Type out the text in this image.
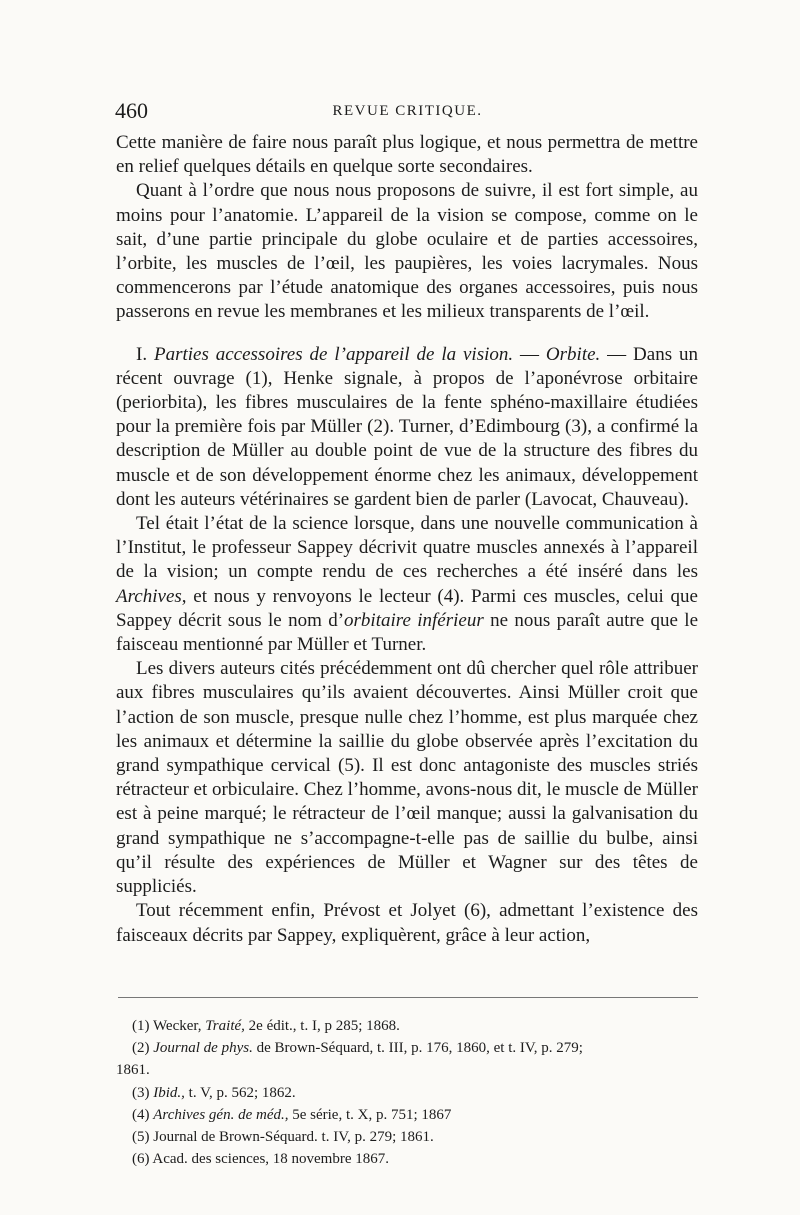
460	REVUE CRITIQUE.

Cette manière de faire nous paraît plus logique, et nous permettra de mettre en relief quelques détails en quelque sorte secondaires.

Quant à l’ordre que nous nous proposons de suivre, il est fort simple, au moins pour l’anatomie. L’appareil de la vision se compose, comme on le sait, d’une partie principale du globe oculaire et de parties accessoires, l’orbite, les muscles de l’œil, les paupières, les voies lacrymales. Nous commencerons par l’étude anatomique des organes accessoires, puis nous passerons en revue les membranes et les milieux transparents de l’œil.

I. Parties accessoires de l’appareil de la vision. — Orbite. — Dans un récent ouvrage (1), Henke signale, à propos de l’aponévrose orbitaire (periorbita), les fibres musculaires de la fente sphéno-maxillaire étudiées pour la première fois par Müller (2). Turner, d’Edimbourg (3), a confirmé la description de Müller au double point de vue de la structure des fibres du muscle et de son développement énorme chez les animaux, développement dont les auteurs vétérinaires se gardent bien de parler (Lavocat, Chauveau).

Tel était l’état de la science lorsque, dans une nouvelle communication à l’Institut, le professeur Sappey décrivit quatre muscles annexés à l’appareil de la vision; un compte rendu de ces recherches a été inséré dans les Archives, et nous y renvoyons le lecteur (4). Parmi ces muscles, celui que Sappey décrit sous le nom d’orbitaire inférieur ne nous paraît autre que le faisceau mentionné par Müller et Turner.

Les divers auteurs cités précédemment ont dû chercher quel rôle attribuer aux fibres musculaires qu’ils avaient découvertes. Ainsi Müller croit que l’action de son muscle, presque nulle chez l’homme, est plus marquée chez les animaux et détermine la saillie du globe observée après l’excitation du grand sympathique cervical (5). Il est donc antagoniste des muscles striés rétracteur et orbiculaire. Chez l’homme, avons-nous dit, le muscle de Müller est à peine marqué; le rétracteur de l’œil manque; aussi la galvanisation du grand sympathique ne s’accompagne-t-elle pas de saillie du bulbe, ainsi qu’il résulte des expériences de Müller et Wagner sur des têtes de suppliciés.

Tout récemment enfin, Prévost et Jolyet (6), admettant l’existence des faisceaux décrits par Sappey, expliquèrent, grâce à leur action,

(1) Wecker, Traité, 2e édit., t. I, p 285; 1868.

(2) Journal de phys. de Brown-Séquard, t. III, p. 176, 1860, et t. IV, p. 279;

1861.

(3) Ibid., t. V, p. 562; 1862.

(4) Archives gén. de méd., 5e série, t. X, p. 751; 1867

(5) Journal de Brown-Séquard. t. IV, p. 279; 1861.

(6) Acad. des sciences, 18 novembre 1867.
